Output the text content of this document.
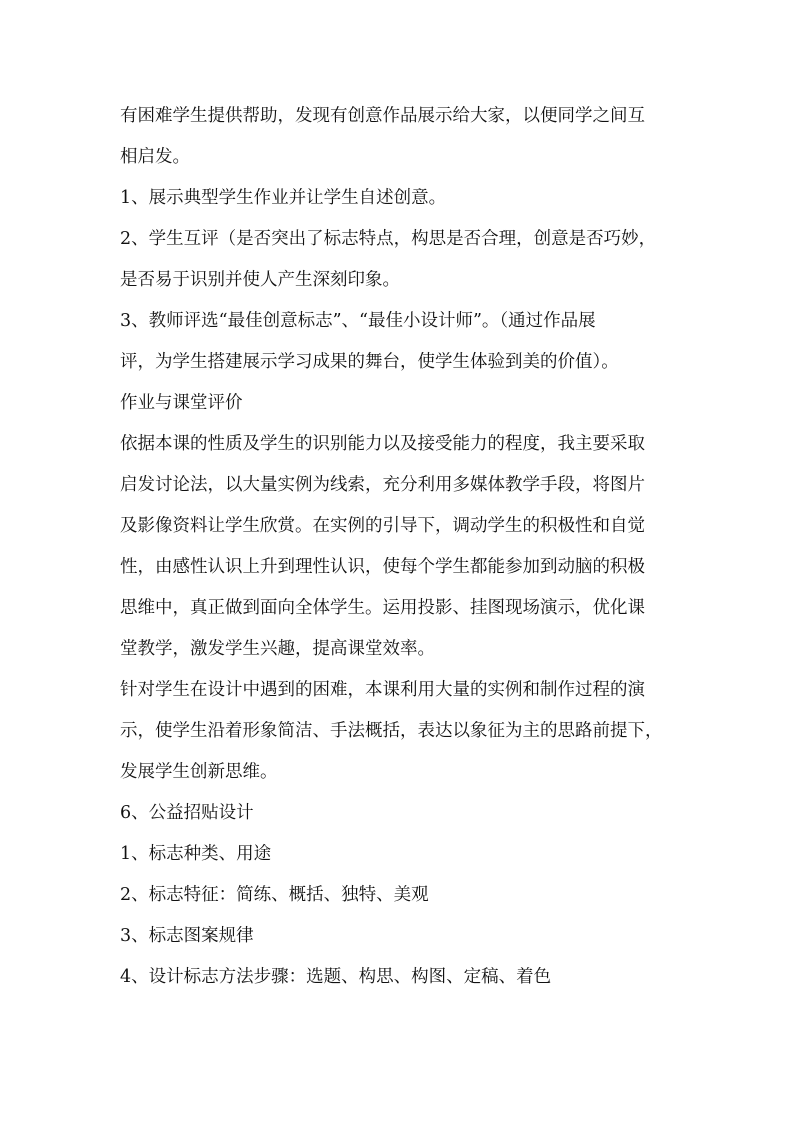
有困难学生提供帮助，发现有创意作品展示给大家，以便同学之间互
相启发。
1、展示典型学生作业并让学生自述创意。
2、学生互评（是否突出了标志特点，构思是否合理，创意是否巧妙，
是否易于识别并使人产生深刻印象。
3、教师评选“最佳创意标志”、“最佳小设计师”。（通过作品展
评，为学生搭建展示学习成果的舞台，使学生体验到美的价值）。
作业与课堂评价
依据本课的性质及学生的识别能力以及接受能力的程度，我主要采取
启发讨论法，以大量实例为线索，充分利用多媒体教学手段，将图片
及影像资料让学生欣赏。在实例的引导下，调动学生的积极性和自觉
性，由感性认识上升到理性认识，使每个学生都能参加到动脑的积极
思维中，真正做到面向全体学生。运用投影、挂图现场演示，优化课
堂教学，激发学生兴趣，提高课堂效率。
针对学生在设计中遇到的困难，本课利用大量的实例和制作过程的演
示，使学生沿着形象简洁、手法概括，表达以象征为主的思路前提下，
发展学生创新思维。
6、公益招贴设计
1、标志种类、用途
2、标志特征：简练、概括、独特、美观
3、标志图案规律
4、设计标志方法步骤：选题、构思、构图、定稿、着色
